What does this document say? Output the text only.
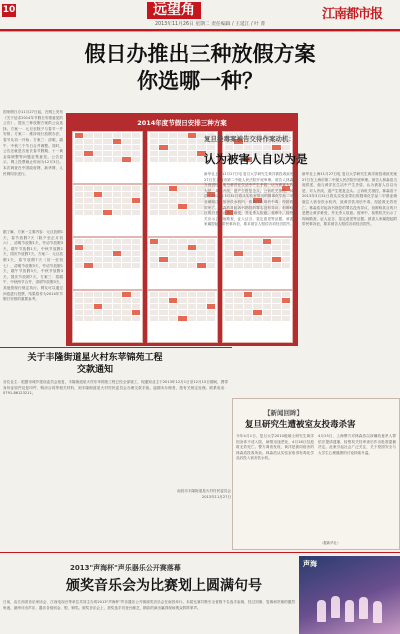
10	远望角
2013年11月26日 星期二 责任编辑 / 王延江 / 叶 菁
江南都市报
假日办推出三种放假方案
你选哪一种？
国家假日办11月27日起，在网上发布《关于征求2014年节假日安排意见的公告》，提出三种放假方案供公众选择。方案一：元旦至除夕与春节一并安排；方案二：维持现行放假办法，春节从初一开始；方案三：清明、端午、中秋三个节日合并调整。同时，公告还就是否延长春节假期、十一黄金周调整等问题征集意见。公告显示，网上投票截止时间为12月3日。本次调查在中国政府网、新华网、人民网同步进行。
据了解，方案一主要内容：元旦放假1天，春节放假7天（除夕至正月初六），清明节放假1天，劳动节放假3天，端午节放假1天，中秋节放假1天，国庆节放假7天。方案二：元旦放假1天，春节放假7天（初一至初七），清明节放假3天，劳动节放假1天，端午节放假3天，中秋节放假3天，国庆节放假7天。方案三：将端午、中秋两节合并，清明节放假3天，其他按现行规定执行。网友可以通过问卷进行投票，结果将作为2014年节假日安排的重要参考。
2014年度节假日安排三种方案
复旦投毒案被告交待作案动机：
认为被害人自以为是
新华社上海11月27日电 复旦大学研究生黄洋被投毒致死案27日在上海市第二中级人民法院开庭审理。被告人林森浩当庭供述，他与黄洋在生活中产生矛盾，认为被害人自以为是、对人冷淡，遂产生报复念头。公诉机关指控，林森浩于2013年3月31日将从实验室带出的剧毒化学品二甲基亚硝胺注入宿舍饮水机内，致黄洋饮用后中毒，经抢救无效死亡。林森浩对起诉书指控的罪名没有异议，但辩称其目的只是想让黄洋难受，并无杀人故意。庭审中，检察机关出示了现场勘查、证人证言、鉴定意见等证据。被害人家属提起附带民事诉讼，要求被告人赔偿各项经济损失。
新华社上海11月27日电 复旦大学研究生黄洋被投毒致死案27日在上海市第二中级人民法院开庭审理。被告人林森浩当庭供述，他与黄洋在生活中产生矛盾，认为被害人自以为是、对人冷淡，遂产生报复念头。公诉机关指控，林森浩于2013年3月31日将从实验室带出的剧毒化学品二甲基亚硝胺注入宿舍饮水机内，致黄洋饮用后中毒，经抢救无效死亡。林森浩对起诉书指控的罪名没有异议，但辩称其目的只是想让黄洋难受，并无杀人故意。庭审中，检察机关出示了现场勘查、证人证言、鉴定意见等证据。被害人家属提起附带民事诉讼，要求被告人赔偿各项经济损失。
关于丰隆街道星火村东苹锦苑工程
交款通知
各位业主：根据市城乡建设委员会批复，丰隆街道星火村东苹锦苑工程已经全部竣工，现通知业主于2013年12月1日至12月15日期间，携带身份证原件及复印件、购房合同等相关材料，到丰隆街道星火村村民委员会办理交款手续。逾期未办理者，按有关规定处理。联系电话：0791-86123211。
南昌市丰隆街道星火村村民委员会
2013年11月27日
【新闻回眸】
复旦研究生遭被室友投毒杀害
今年4月1日，复旦大学2010级硕士研究生黄洋因身体不适入院，病情迅速恶化，4月16日经抢救无效死亡。警方调查发现，黄洋是被同宿舍的林森浩投毒所致。林森浩从实验室取得有毒化学品后投入宿舍饮水机。
4月25日，上海警方对林森浩以涉嫌故意杀人罪依法提请逮捕，检察机关经审查后作出批准逮捕决定。此案引起社会广泛关注，关于校园安全与大学生心理健康的讨论持续升温。
（据新华社）
2013"声海杯"声乐器乐公开赛落幕
颁奖音乐会为比赛划上圆满句号
日前，由江西省音乐家协会、江西电视台等单位共同主办的2013"声海杯"声乐器乐公开赛颁奖音乐会在南昌举行。本届比赛共吸引全省数千名选手参赛，经过初赛、复赛和决赛的激烈角逐，最终评出声乐、器乐各组别金、银、铜奖。颁奖音乐会上，获奖选手们登台献艺，精彩的演出赢得现场观众阵阵掌声。
声海
